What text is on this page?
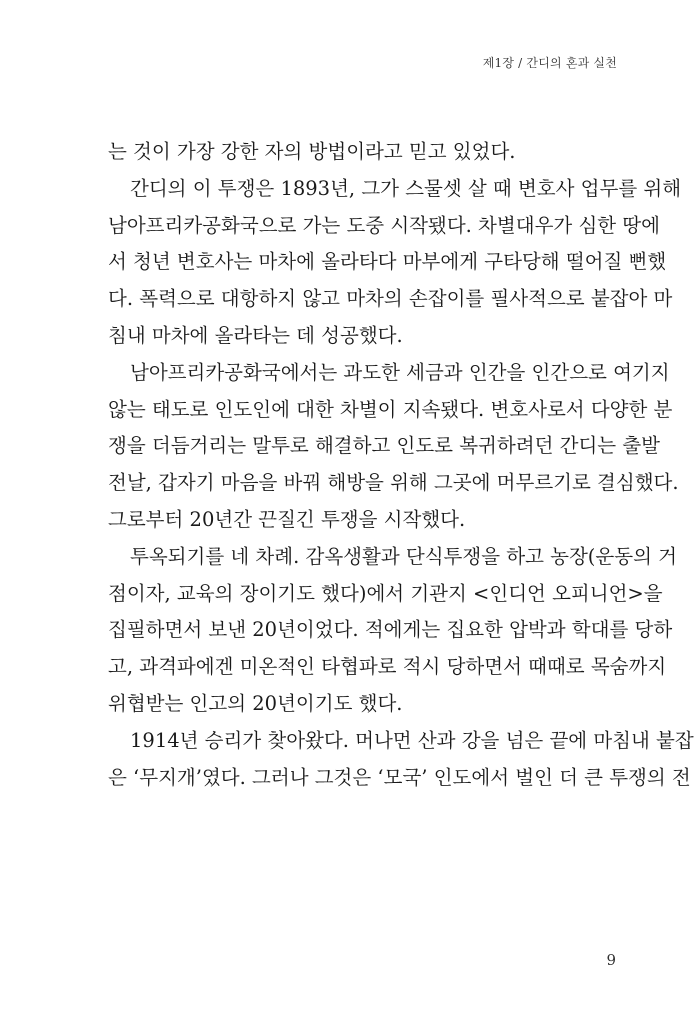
제1장 / 간디의 혼과 실천
는 것이 가장 강한 자의 방법이라고 믿고 있었다.
간디의 이 투쟁은 1893년, 그가 스물셋 살 때 변호사 업무를 위해
남아프리카공화국으로 가는 도중 시작됐다. 차별대우가 심한 땅에
서 청년 변호사는 마차에 올라타다 마부에게 구타당해 떨어질 뻔했
다. 폭력으로 대항하지 않고 마차의 손잡이를 필사적으로 붙잡아 마
침내 마차에 올라타는 데 성공했다.
남아프리카공화국에서는 과도한 세금과 인간을 인간으로 여기지
않는 태도로 인도인에 대한 차별이 지속됐다. 변호사로서 다양한 분
쟁을 더듬거리는 말투로 해결하고 인도로 복귀하려던 간디는 출발
전날, 갑자기 마음을 바꿔 해방을 위해 그곳에 머무르기로 결심했다.
그로부터 20년간 끈질긴 투쟁을 시작했다.
투옥되기를 네 차례. 감옥생활과 단식투쟁을 하고 농장(운동의 거
점이자, 교육의 장이기도 했다)에서 기관지 <인디언 오피니언>을
집필하면서 보낸 20년이었다. 적에게는 집요한 압박과 학대를 당하
고, 과격파에겐 미온적인 타협파로 적시 당하면서 때때로 목숨까지
위협받는 인고의 20년이기도 했다.
1914년 승리가 찾아왔다. 머나먼 산과 강을 넘은 끝에 마침내 붙잡
은 ‘무지개’였다. 그러나 그것은 ‘모국’ 인도에서 벌인 더 큰 투쟁의 전
9
